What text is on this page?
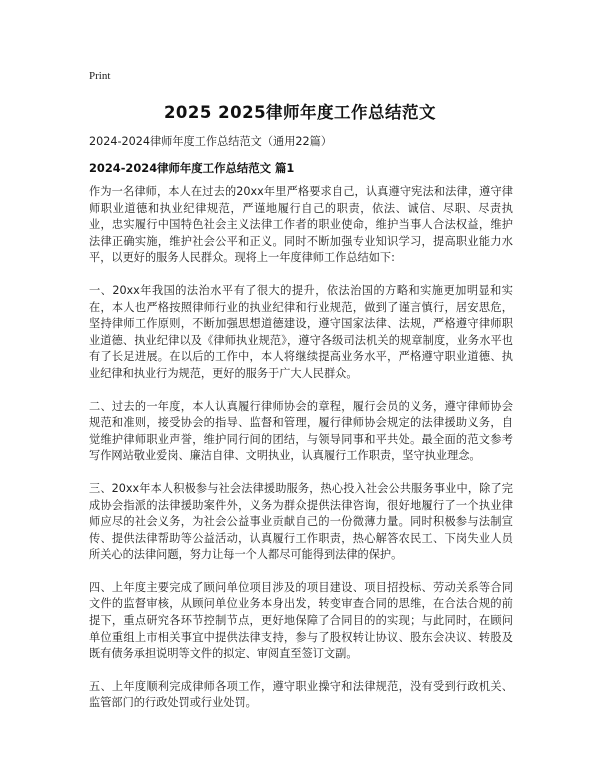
Print
2025 2025律师年度工作总结范文
2024-2024律师年度工作总结范文（通用22篇）
2024-2024律师年度工作总结范文 篇1

作为一名律师，本人在过去的20xx年里严格要求自己，认真遵守宪法和法律，遵守律师职业道德和执业纪律规范，严谨地履行自己的职责，依法、诚信、尽职、尽责执业，忠实履行中国特色社会主义法律工作者的职业使命，维护当事人合法权益，维护法律正确实施，维护社会公平和正义。同时不断加强专业知识学习，提高职业能力水平，以更好的服务人民群众。现将上一年度律师工作总结如下:

一、20xx年我国的法治水平有了很大的提升，依法治国的方略和实施更加明显和实在，本人也严格按照律师行业的执业纪律和行业规范，做到了谨言慎行，居安思危，坚持律师工作原则，不断加强思想道德建设，遵守国家法律、法规，严格遵守律师职业道德、执业纪律以及《律师执业规范》，遵守各级司法机关的规章制度，业务水平也有了长足进展。在以后的工作中，本人将继续提高业务水平，严格遵守职业道德、执业纪律和执业行为规范，更好的服务于广大人民群众。

二、过去的一年度，本人认真履行律师协会的章程，履行会员的义务，遵守律师协会规范和准则，接受协会的指导、监督和管理，履行律师协会规定的法律援助义务，自觉维护律师职业声誉，维护同行间的团结，与领导同事和平共处。最全面的范文参考写作网站敬业爱岗、廉洁自律、文明执业，认真履行工作职责，坚守执业理念。

三、20xx年本人积极参与社会法律援助服务，热心投入社会公共服务事业中，除了完成协会指派的法律援助案件外，义务为群众提供法律咨询，很好地履行了一个执业律师应尽的社会义务，为社会公益事业贡献自己的一份微薄力量。同时积极参与法制宣传、提供法律帮助等公益活动，认真履行工作职责，热心解答农民工、下岗失业人员所关心的法律问题，努力让每一个人都尽可能得到法律的保护。

四、上年度主要完成了顾问单位项目涉及的项目建设、项目招投标、劳动关系等合同文件的监督审核，从顾问单位业务本身出发，转变审查合同的思维，在合法合规的前提下，重点研究各环节控制节点，更好地保障了合同目的的实现；与此同时，在顾问单位重组上市相关事宜中提供法律支持，参与了股权转让协议、股东会决议、转股及既有债务承担说明等文件的拟定、审阅直至签订文副。

五、上年度顺利完成律师各项工作，遵守职业操守和法律规范，没有受到行政机关、监管部门的行政处罚或行业处罚。
